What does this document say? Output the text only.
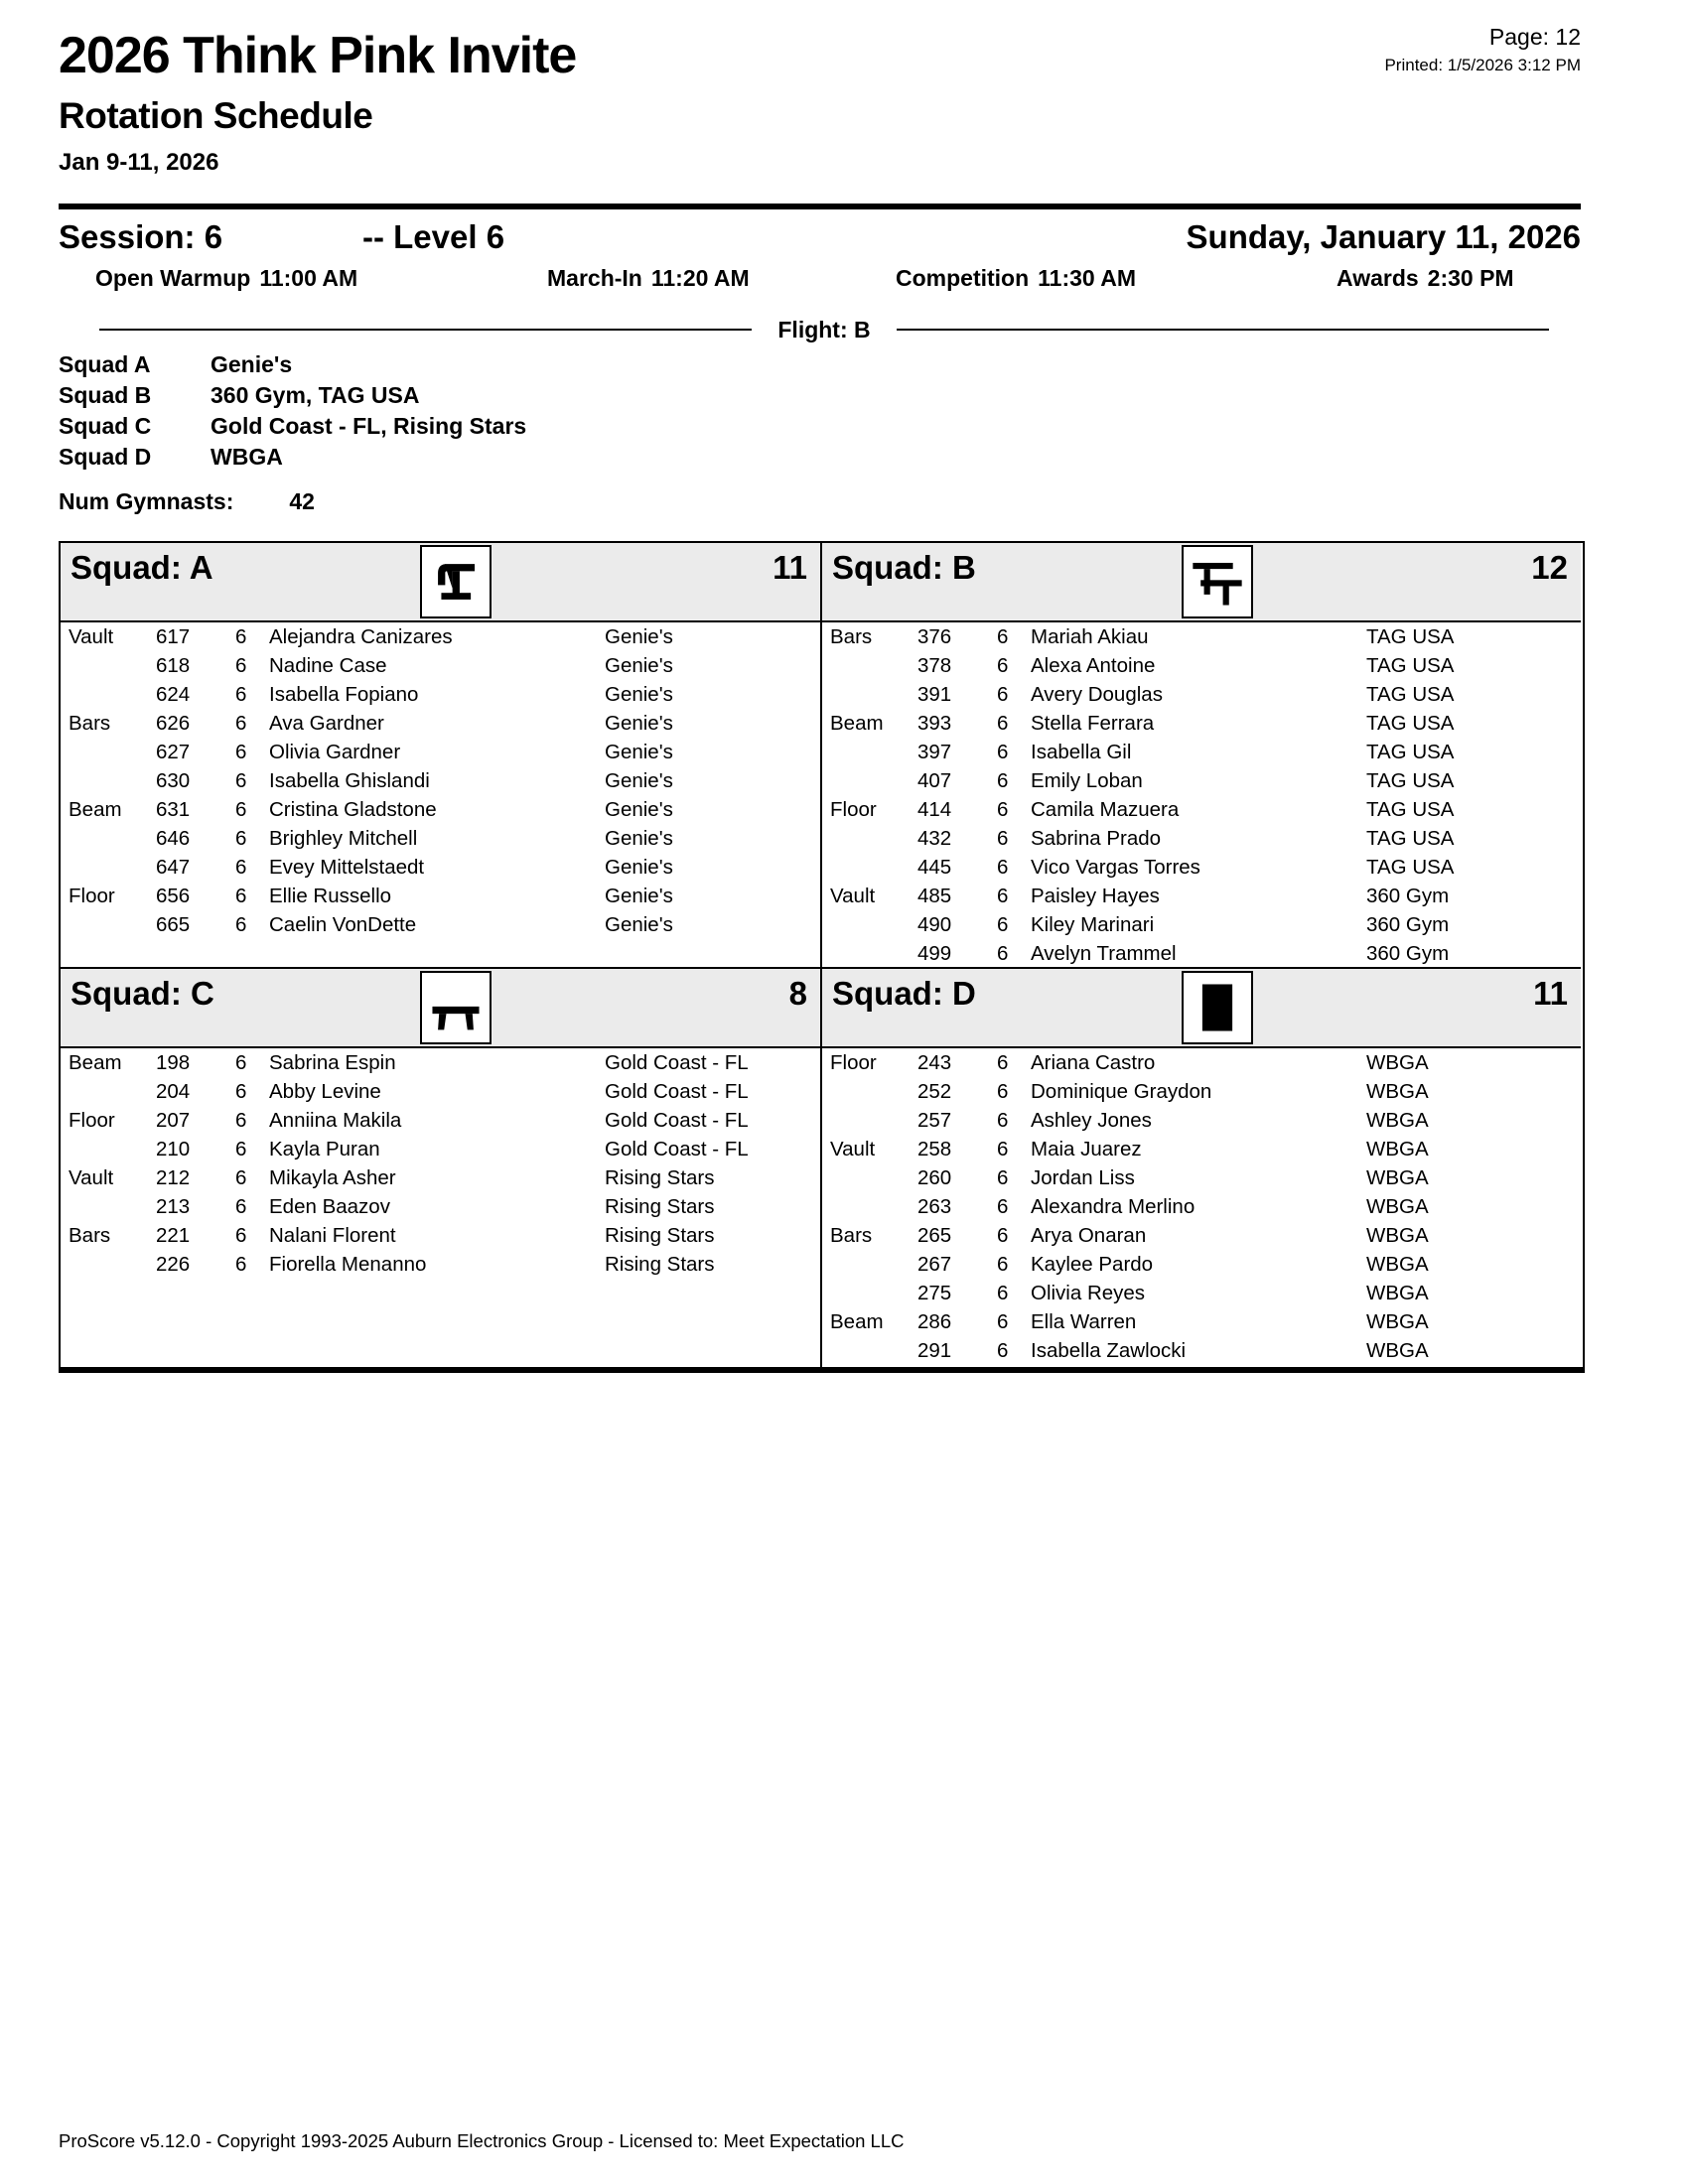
2026 Think Pink Invite
Rotation Schedule
Jan 9-11, 2026
Page: 12
Printed: 1/5/2026 3:12 PM
Session: 6	-- Level 6	Sunday, January 11, 2026
Open Warmup 11:00 AM	March-In 11:20 AM	Competition 11:30 AM	Awards 2:30 PM
Flight: B
Squad A	Genie's
Squad B	360 Gym, TAG USA
Squad C	Gold Coast - FL, Rising Stars
Squad D	WBGA
Num Gymnasts: 42
Squad: A	11
Vault 617 6 Alejandra Canizares	Genie's
618 6 Nadine Case	Genie's
624 6 Isabella Fopiano	Genie's
Bars 626 6 Ava Gardner	Genie's
627 6 Olivia Gardner	Genie's
630 6 Isabella Ghislandi	Genie's
Beam 631 6 Cristina Gladstone	Genie's
646 6 Brighley Mitchell	Genie's
647 6 Evey Mittelstaedt	Genie's
Floor 656 6 Ellie Russello	Genie's
665 6 Caelin VonDette	Genie's
Squad: C	8
Beam 198 6 Sabrina Espin	Gold Coast - FL
204 6 Abby Levine	Gold Coast - FL
Floor 207 6 Anniina Makila	Gold Coast - FL
210 6 Kayla Puran	Gold Coast - FL
Vault 212 6 Mikayla Asher	Rising Stars
213 6 Eden Baazov	Rising Stars
Bars 221 6 Nalani Florent	Rising Stars
226 6 Fiorella Menanno	Rising Stars
Squad: B	12
Bars 376 6 Mariah Akiau	TAG USA
378 6 Alexa Antoine	TAG USA
391 6 Avery Douglas	TAG USA
Beam 393 6 Stella Ferrara	TAG USA
397 6 Isabella Gil	TAG USA
407 6 Emily Loban	TAG USA
Floor 414 6 Camila Mazuera	TAG USA
432 6 Sabrina Prado	TAG USA
445 6 Vico Vargas Torres	TAG USA
Vault 485 6 Paisley Hayes	360 Gym
490 6 Kiley Marinari	360 Gym
499 6 Avelyn Trammel	360 Gym
Squad: D	11
Floor 243 6 Ariana Castro	WBGA
252 6 Dominique Graydon	WBGA
257 6 Ashley Jones	WBGA
Vault 258 6 Maia Juarez	WBGA
260 6 Jordan Liss	WBGA
263 6 Alexandra Merlino	WBGA
Bars 265 6 Arya Onaran	WBGA
267 6 Kaylee Pardo	WBGA
275 6 Olivia Reyes	WBGA
Beam 286 6 Ella Warren	WBGA
291 6 Isabella Zawlocki	WBGA
ProScore v5.12.0 - Copyright 1993-2025 Auburn Electronics Group - Licensed to: Meet Expectation LLC
